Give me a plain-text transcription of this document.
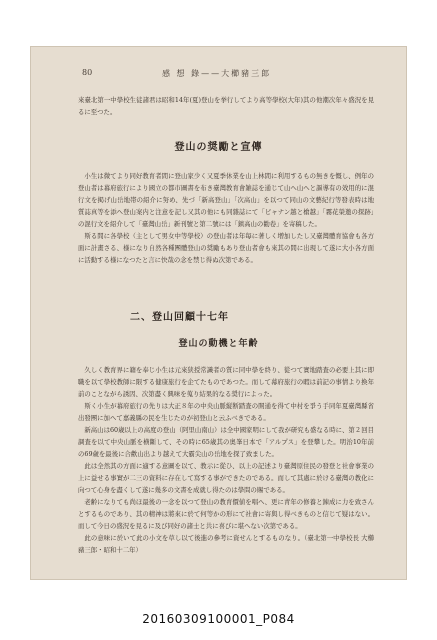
80	感 想 錄——大櫛豬三郎

來臺北第一中學校生徒諸君は昭和14年(夏)登山を挙行してより高等學校(大年)其の他潮次年々盛況を見るに至つた。

登山の奨勵と宣傳

小生は微てより同好教育者間に登山家少く又夏季休業を山上林間に利用するもの無きを慨し、例年の登山者は幕府旅行により國立の都市圖書を布き臺灣教育會雑誌を通じて山へ山へと謳導有の效用的に混行文を掲げ山岳地帯の紹介に努め、先づ「新高登山」「次高山」を以つて同山の文藝紀行等發表時は地質誌真等を添へ登山案内と注意を記し又其の他にも同雜誌にて「ピャナン越と槍越」「霧花榮邀の探跡」の混行文を紹介して「臺灣山岳」新刊號と第二號には「鎮高山の勸卷」を寄稿した。

斯る間に各學校（主として男女中等學校）の登山者は年毎に著しく増加したし又臺灣體育協會も各方面に計畫さる、様になり自然各種團體登山の奨勵もあり登山者會も來其の間に出現して遂に大小各方面に活動する様になつたと言に快哉の念を禁じ得ぬ次第である。

二、登山回顧十七年
登山の動機と年齢

久しく教育界に籍を奉じ小生は元來狭授常識者の質に同中學を終り、從つて實地踏査の必要上其に即職を以て學校教師に限する健康旅行を企てたものであつた。而して幕府旅行の暇は前記の事情より換年前のことながら誘因、次第盡く興味を蒐り結果的なる奨行によった。

斯く小生が幕府旅行の先りは大正８年の中央山脈縦断踏査の開通を得て中村を爭う手同年夏臺灣縣省出發團に加へて嘉義縣の民を生じたのが初登山と云ふべきである。

新高山は60歳以上の高度の登山（阿里山南山）は全中國家明にして我が研究も盛なる時に、第２回目調査を以て中央山脈を横斷して、その時に65歳其の奥峯日本で「アルプス」を登攀した。明治10年前の69歳を最後に合歡山出より越えて大霸尖山の岳地を探了致ました。

此は全然其の方面に適する意圖を以て、教示に從ひ、以上の記述より臺灣原住民の發登と社會事業の上に益せる事實が二三の資料に存在して寫する事ができたのである。而して其處に於ける臺灣の教化に向つて心身を盡くして遂に幾多の文書を成就し得たのは學問の賜である。

老齢になりても尚ほ最後の一念を以つて登山の教育價値を唱へ、更に青年の修養と錬成に力を致さんとするものであり、其の精神は將來に於て何等かの形にて社會に寄與し得べきものと信じて疑はない。而して今日の盛況を見るに及び同好の諸士と共に喜びに堪へない次第である。

此の意味に於いて此の小文を草し以て後進の參考に資せんとするものなり。（臺北第一中學校長 大櫛豬三郎・昭和十二年）

20160309100001_P084
